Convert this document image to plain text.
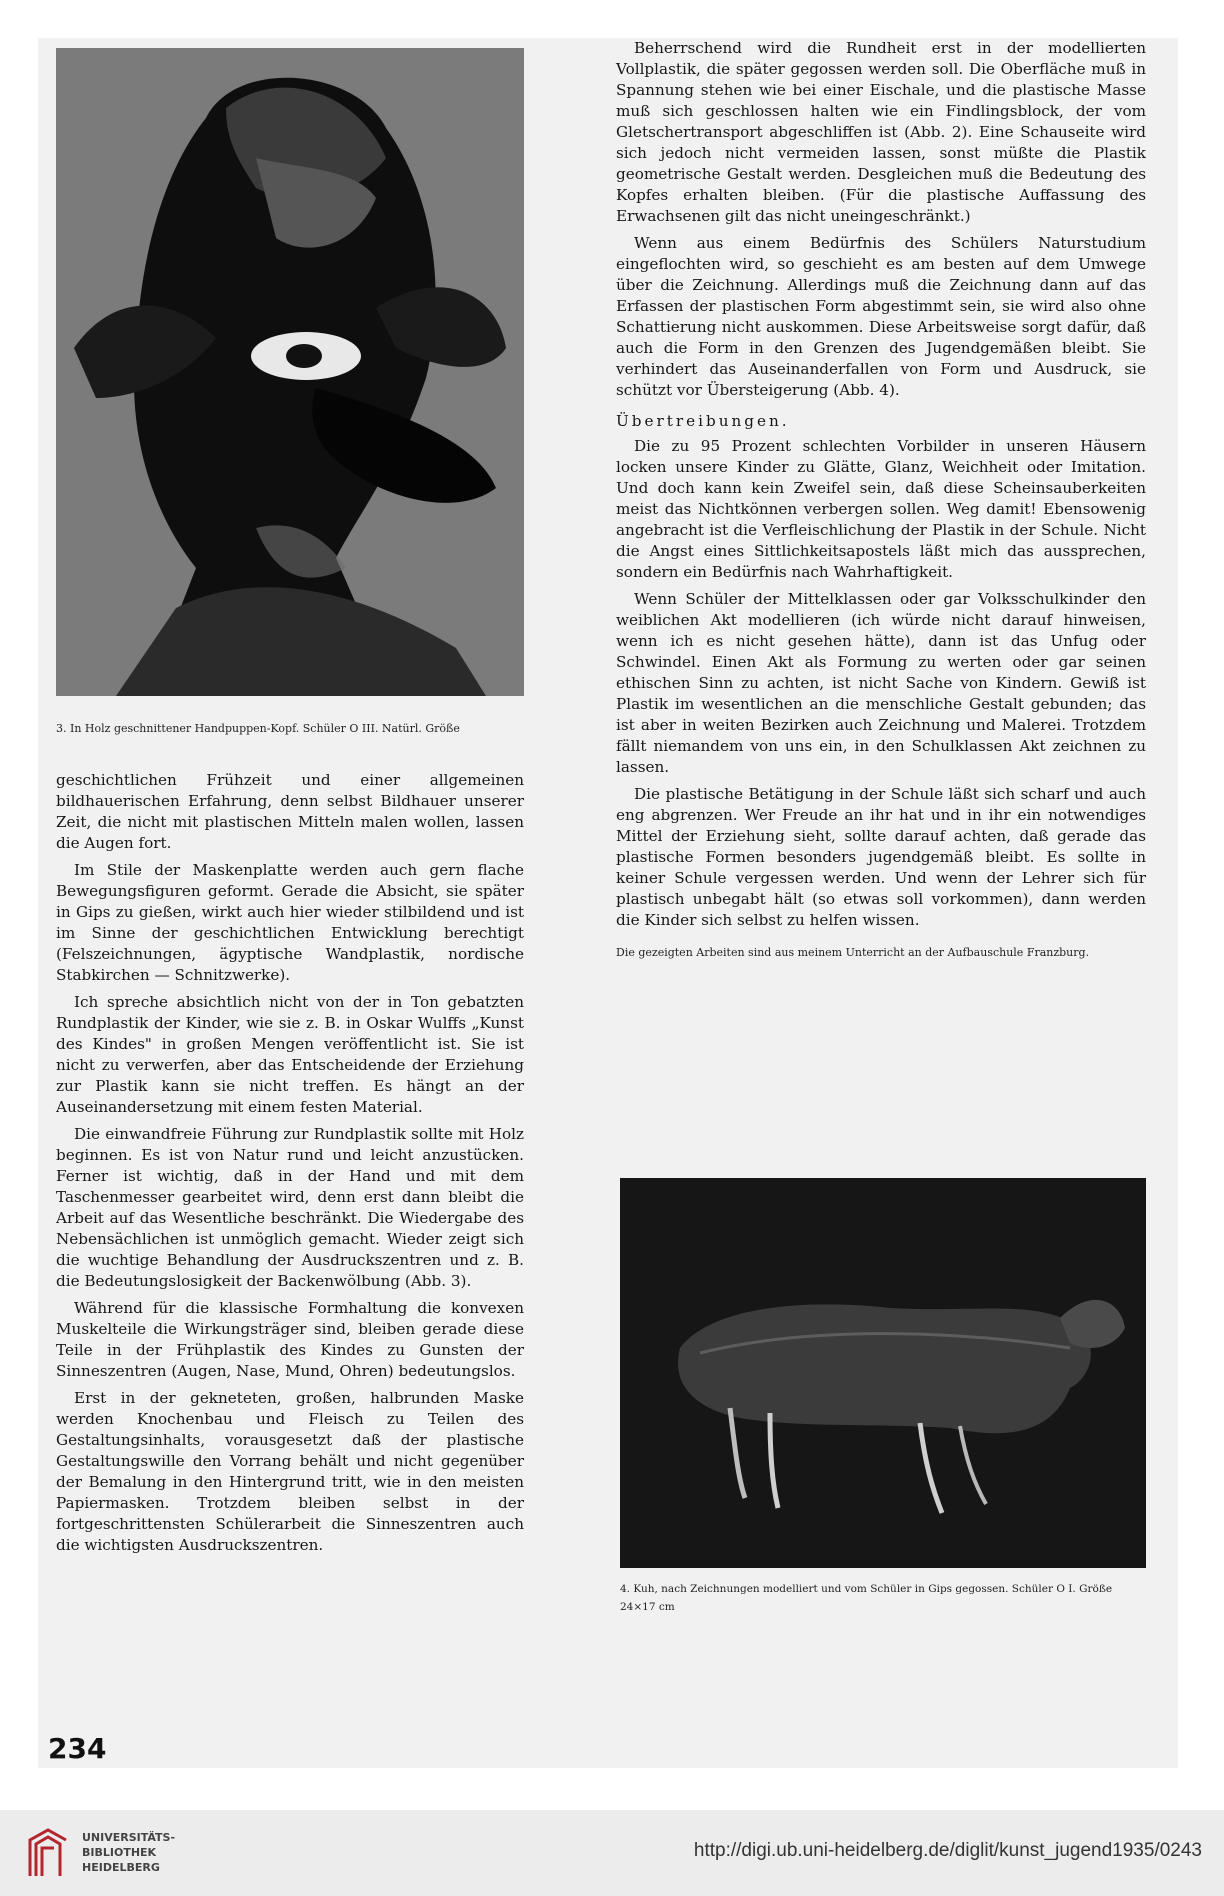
3. In Holz geschnittener Handpuppen-Kopf. Schüler O III. Natürl. Größe

geschichtlichen Frühzeit und einer allgemeinen bildhauerischen Erfahrung, denn selbst Bildhauer unserer Zeit, die nicht mit plastischen Mitteln malen wollen, lassen die Augen fort.

Im Stile der Maskenplatte werden auch gern flache Bewegungsfiguren geformt. Gerade die Absicht, sie später in Gips zu gießen, wirkt auch hier wieder stilbildend und ist im Sinne der geschichtlichen Entwicklung berechtigt (Felszeichnungen, ägyptische Wandplastik, nordische Stabkirchen — Schnitzwerke).

Ich spreche absichtlich nicht von der in Ton gebatzten Rundplastik der Kinder, wie sie z. B. in Oskar Wulffs „Kunst des Kindes" in großen Mengen veröffentlicht ist. Sie ist nicht zu verwerfen, aber das Entscheidende der Erziehung zur Plastik kann sie nicht treffen. Es hängt an der Auseinandersetzung mit einem festen Material.

Die einwandfreie Führung zur Rundplastik sollte mit Holz beginnen. Es ist von Natur rund und leicht anzustücken. Ferner ist wichtig, daß in der Hand und mit dem Taschenmesser gearbeitet wird, denn erst dann bleibt die Arbeit auf das Wesentliche beschränkt. Die Wiedergabe des Nebensächlichen ist unmöglich gemacht. Wieder zeigt sich die wuchtige Behandlung der Ausdruckszentren und z. B. die Bedeutungslosigkeit der Backenwölbung (Abb. 3).

Während für die klassische Formhaltung die konvexen Muskelteile die Wirkungsträger sind, bleiben gerade diese Teile in der Frühplastik des Kindes zu Gunsten der Sinneszentren (Augen, Nase, Mund, Ohren) bedeutungslos.

Erst in der gekneteten, großen, halbrunden Maske werden Knochenbau und Fleisch zu Teilen des Gestaltungsinhalts, vorausgesetzt daß der plastische Gestaltungswille den Vorrang behält und nicht gegenüber der Bemalung in den Hintergrund tritt, wie in den meisten Papiermasken. Trotzdem bleiben selbst in der fortgeschrittensten Schülerarbeit die Sinneszentren auch die wichtigsten Ausdruckszentren.

Beherrschend wird die Rundheit erst in der modellierten Vollplastik, die später gegossen werden soll. Die Oberfläche muß in Spannung stehen wie bei einer Eischale, und die plastische Masse muß sich geschlossen halten wie ein Findlingsblock, der vom Gletschertransport abgeschliffen ist (Abb. 2). Eine Schauseite wird sich jedoch nicht vermeiden lassen, sonst müßte die Plastik geometrische Gestalt werden. Desgleichen muß die Bedeutung des Kopfes erhalten bleiben. (Für die plastische Auffassung des Erwachsenen gilt das nicht uneingeschränkt.)

Wenn aus einem Bedürfnis des Schülers Naturstudium eingeflochten wird, so geschieht es am besten auf dem Umwege über die Zeichnung. Allerdings muß die Zeichnung dann auf das Erfassen der plastischen Form abgestimmt sein, sie wird also ohne Schattierung nicht auskommen. Diese Arbeitsweise sorgt dafür, daß auch die Form in den Grenzen des Jugendgemäßen bleibt. Sie verhindert das Auseinanderfallen von Form und Ausdruck, sie schützt vor Übersteigerung (Abb. 4).

Übertreibungen.

Die zu 95 Prozent schlechten Vorbilder in unseren Häusern locken unsere Kinder zu Glätte, Glanz, Weichheit oder Imitation. Und doch kann kein Zweifel sein, daß diese Scheinsauberkeiten meist das Nichtkönnen verbergen sollen. Weg damit! Ebensowenig angebracht ist die Verfleischlichung der Plastik in der Schule. Nicht die Angst eines Sittlichkeitsapostels läßt mich das aussprechen, sondern ein Bedürfnis nach Wahrhaftigkeit.

Wenn Schüler der Mittelklassen oder gar Volksschulkinder den weiblichen Akt modellieren (ich würde nicht darauf hinweisen, wenn ich es nicht gesehen hätte), dann ist das Unfug oder Schwindel. Einen Akt als Formung zu werten oder gar seinen ethischen Sinn zu achten, ist nicht Sache von Kindern. Gewiß ist Plastik im wesentlichen an die menschliche Gestalt gebunden; das ist aber in weiten Bezirken auch Zeichnung und Malerei. Trotzdem fällt niemandem von uns ein, in den Schulklassen Akt zeichnen zu lassen.

Die plastische Betätigung in der Schule läßt sich scharf und auch eng abgrenzen. Wer Freude an ihr hat und in ihr ein notwendiges Mittel der Erziehung sieht, sollte darauf achten, daß gerade das plastische Formen besonders jugendgemäß bleibt. Es sollte in keiner Schule vergessen werden. Und wenn der Lehrer sich für plastisch unbegabt hält (so etwas soll vorkommen), dann werden die Kinder sich selbst zu helfen wissen.

Die gezeigten Arbeiten sind aus meinem Unterricht an der Aufbauschule Franzburg.
4. Kuh, nach Zeichnungen modelliert und vom Schüler in Gips gegossen. Schüler O I. Größe 24×17 cm
234
UNIVERSITÄTS-
BIBLIOTHEK
HEIDELBERG
http://digi.ub.uni-heidelberg.de/diglit/kunst_jugend1935/0243
